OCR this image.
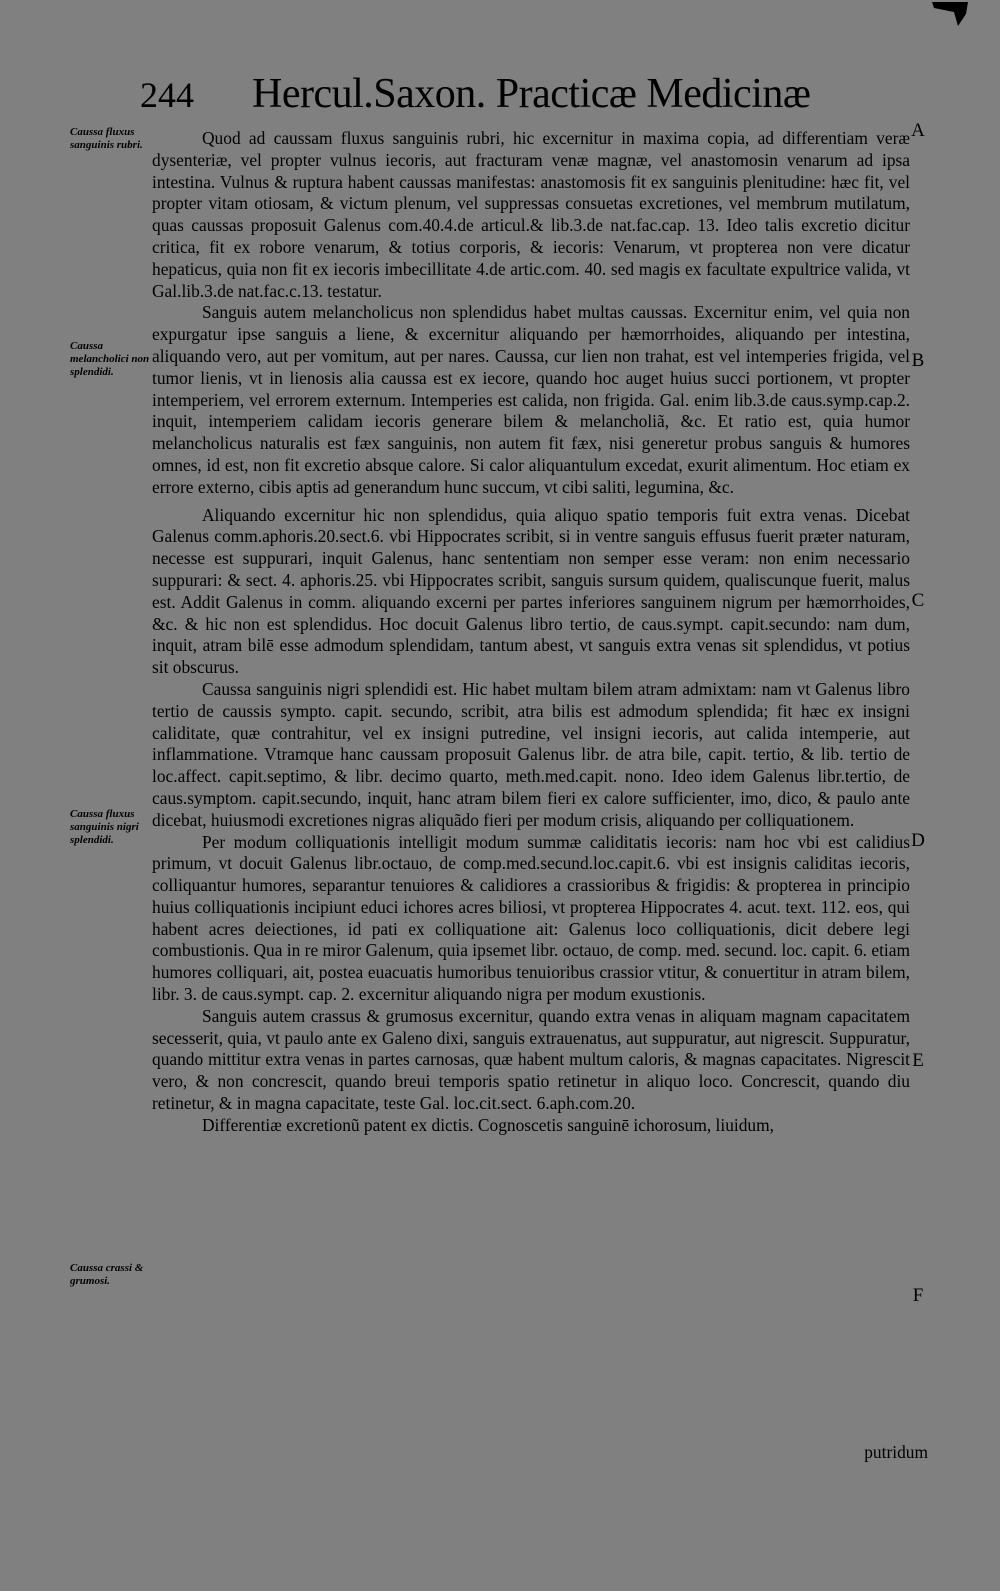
244 Hercul.Saxon. Practicæ Medicinæ
Caussa fluxus sanguinis rubri.
Caussa melancholici non splendidi.
Caussa fluxus sanguinis nigri splendidi.
Caussa crassi & grumosi.
A
B
C
D
E
F

Quod ad caussam fluxus sanguinis rubri, hic excernitur in maxima copia, ad differentiam veræ dysenteriæ, vel propter vulnus iecoris, aut fracturam venæ magnæ, vel anastomosin venarum ad ipsa intestina. Vulnus & ruptura habent caussas manifestas: anastomosis fit ex sanguinis plenitudine: hæc fit, vel propter vitam otiosam, & victum plenum, vel suppressas consuetas excretiones, vel membrum mutilatum, quas caussas proposuit Galenus com.40.4.de articul.& lib.3.de nat.fac.cap. 13. Ideo talis excretio dicitur critica, fit ex robore venarum, & totius corporis, & iecoris: Venarum, vt propterea non vere dicatur hepaticus, quia non fit ex iecoris imbecillitate 4.de artic.com. 40. sed magis ex facultate expultrice valida, vt Gal.lib.3.de nat.fac.c.13. testatur.

Sanguis autem melancholicus non splendidus habet multas caussas. Excernitur enim, vel quia non expurgatur ipse sanguis a liene, & excernitur aliquando per hæmorrhoides, aliquando per intestina, aliquando vero, aut per vomitum, aut per nares. Caussa, cur lien non trahat, est vel intemperies frigida, vel tumor lienis, vt in lienosis alia caussa est ex iecore, quando hoc auget huius succi portionem, vt propter intemperiem, vel errorem externum. Intemperies est calida, non frigida. Gal. enim lib.3.de caus.symp.cap.2. inquit, intemperiem calidam iecoris generare bilem & melancholiã, &c. Et ratio est, quia humor melancholicus naturalis est fæx sanguinis, non autem fit fæx, nisi generetur probus sanguis & humores omnes, id est, non fit excretio absque calore. Si calor aliquantulum excedat, exurit alimentum. Hoc etiam ex errore externo, cibis aptis ad generandum hunc succum, vt cibi saliti, legumina, &c.

Aliquando excernitur hic non splendidus, quia aliquo spatio temporis fuit extra venas. Dicebat Galenus comm.aphoris.20.sect.6. vbi Hippocrates scribit, si in ventre sanguis effusus fuerit præter naturam, necesse est suppurari, inquit Galenus, hanc sententiam non semper esse veram: non enim necessario suppurari: & sect. 4. aphoris.25. vbi Hippocrates scribit, sanguis sursum quidem, qualiscunque fuerit, malus est. Addit Galenus in comm. aliquando excerni per partes inferiores sanguinem nigrum per hæmorrhoides, &c. & hic non est splendidus. Hoc docuit Galenus libro tertio, de caus.sympt. capit.secundo: nam dum, inquit, atram bilē esse admodum splendidam, tantum abest, vt sanguis extra venas sit splendidus, vt potius sit obscurus.

Caussa sanguinis nigri splendidi est. Hic habet multam bilem atram admixtam: nam vt Galenus libro tertio de caussis sympto. capit. secundo, scribit, atra bilis est admodum splendida; fit hæc ex insigni caliditate, quæ contrahitur, vel ex insigni putredine, vel insigni iecoris, aut calida intemperie, aut inflammatione. Vtramque hanc caussam proposuit Galenus libr. de atra bile, capit. tertio, & lib. tertio de loc.affect. capit.septimo, & libr. decimo quarto, meth.med.capit. nono. Ideo idem Galenus libr.tertio, de caus.symptom. capit.secundo, inquit, hanc atram bilem fieri ex calore sufficienter, imo, dico, & paulo ante dicebat, huiusmodi excretiones nigras aliquãdo fieri per modum crisis, aliquando per colliquationem.

Per modum colliquationis intelligit modum summæ caliditatis iecoris: nam hoc vbi est calidius primum, vt docuit Galenus libr.octauo, de comp.med.secund.loc.capit.6. vbi est insignis caliditas iecoris, colliquantur humores, separantur tenuiores & calidiores a crassioribus & frigidis: & propterea in principio huius colliquationis incipiunt educi ichores acres biliosi, vt propterea Hippocrates 4. acut. text. 112. eos, qui habent acres deiectiones, id pati ex colliquatione ait: Galenus loco colliquationis, dicit debere legi combustionis. Qua in re miror Galenum, quia ipsemet libr. octauo, de comp. med. secund. loc. capit. 6. etiam humores colliquari, ait, postea euacuatis humoribus tenuioribus crassior vtitur, & conuertitur in atram bilem, libr. 3. de caus.sympt. cap. 2. excernitur aliquando nigra per modum exustionis.

Sanguis autem crassus & grumosus excernitur, quando extra venas in aliquam magnam capacitatem secesserit, quia, vt paulo ante ex Galeno dixi, sanguis extrauenatus, aut suppuratur, aut nigrescit. Suppuratur, quando mittitur extra venas in partes carnosas, quæ habent multum caloris, & magnas capacitates. Nigrescit vero, & non concrescit, quando breui temporis spatio retinetur in aliquo loco. Concrescit, quando diu retinetur, & in magna capacitate, teste Gal. loc.cit.sect. 6.aph.com.20.

Differentiæ excretionũ patent ex dictis. Cognoscetis sanguinē ichorosum, liuidum,

putridum
